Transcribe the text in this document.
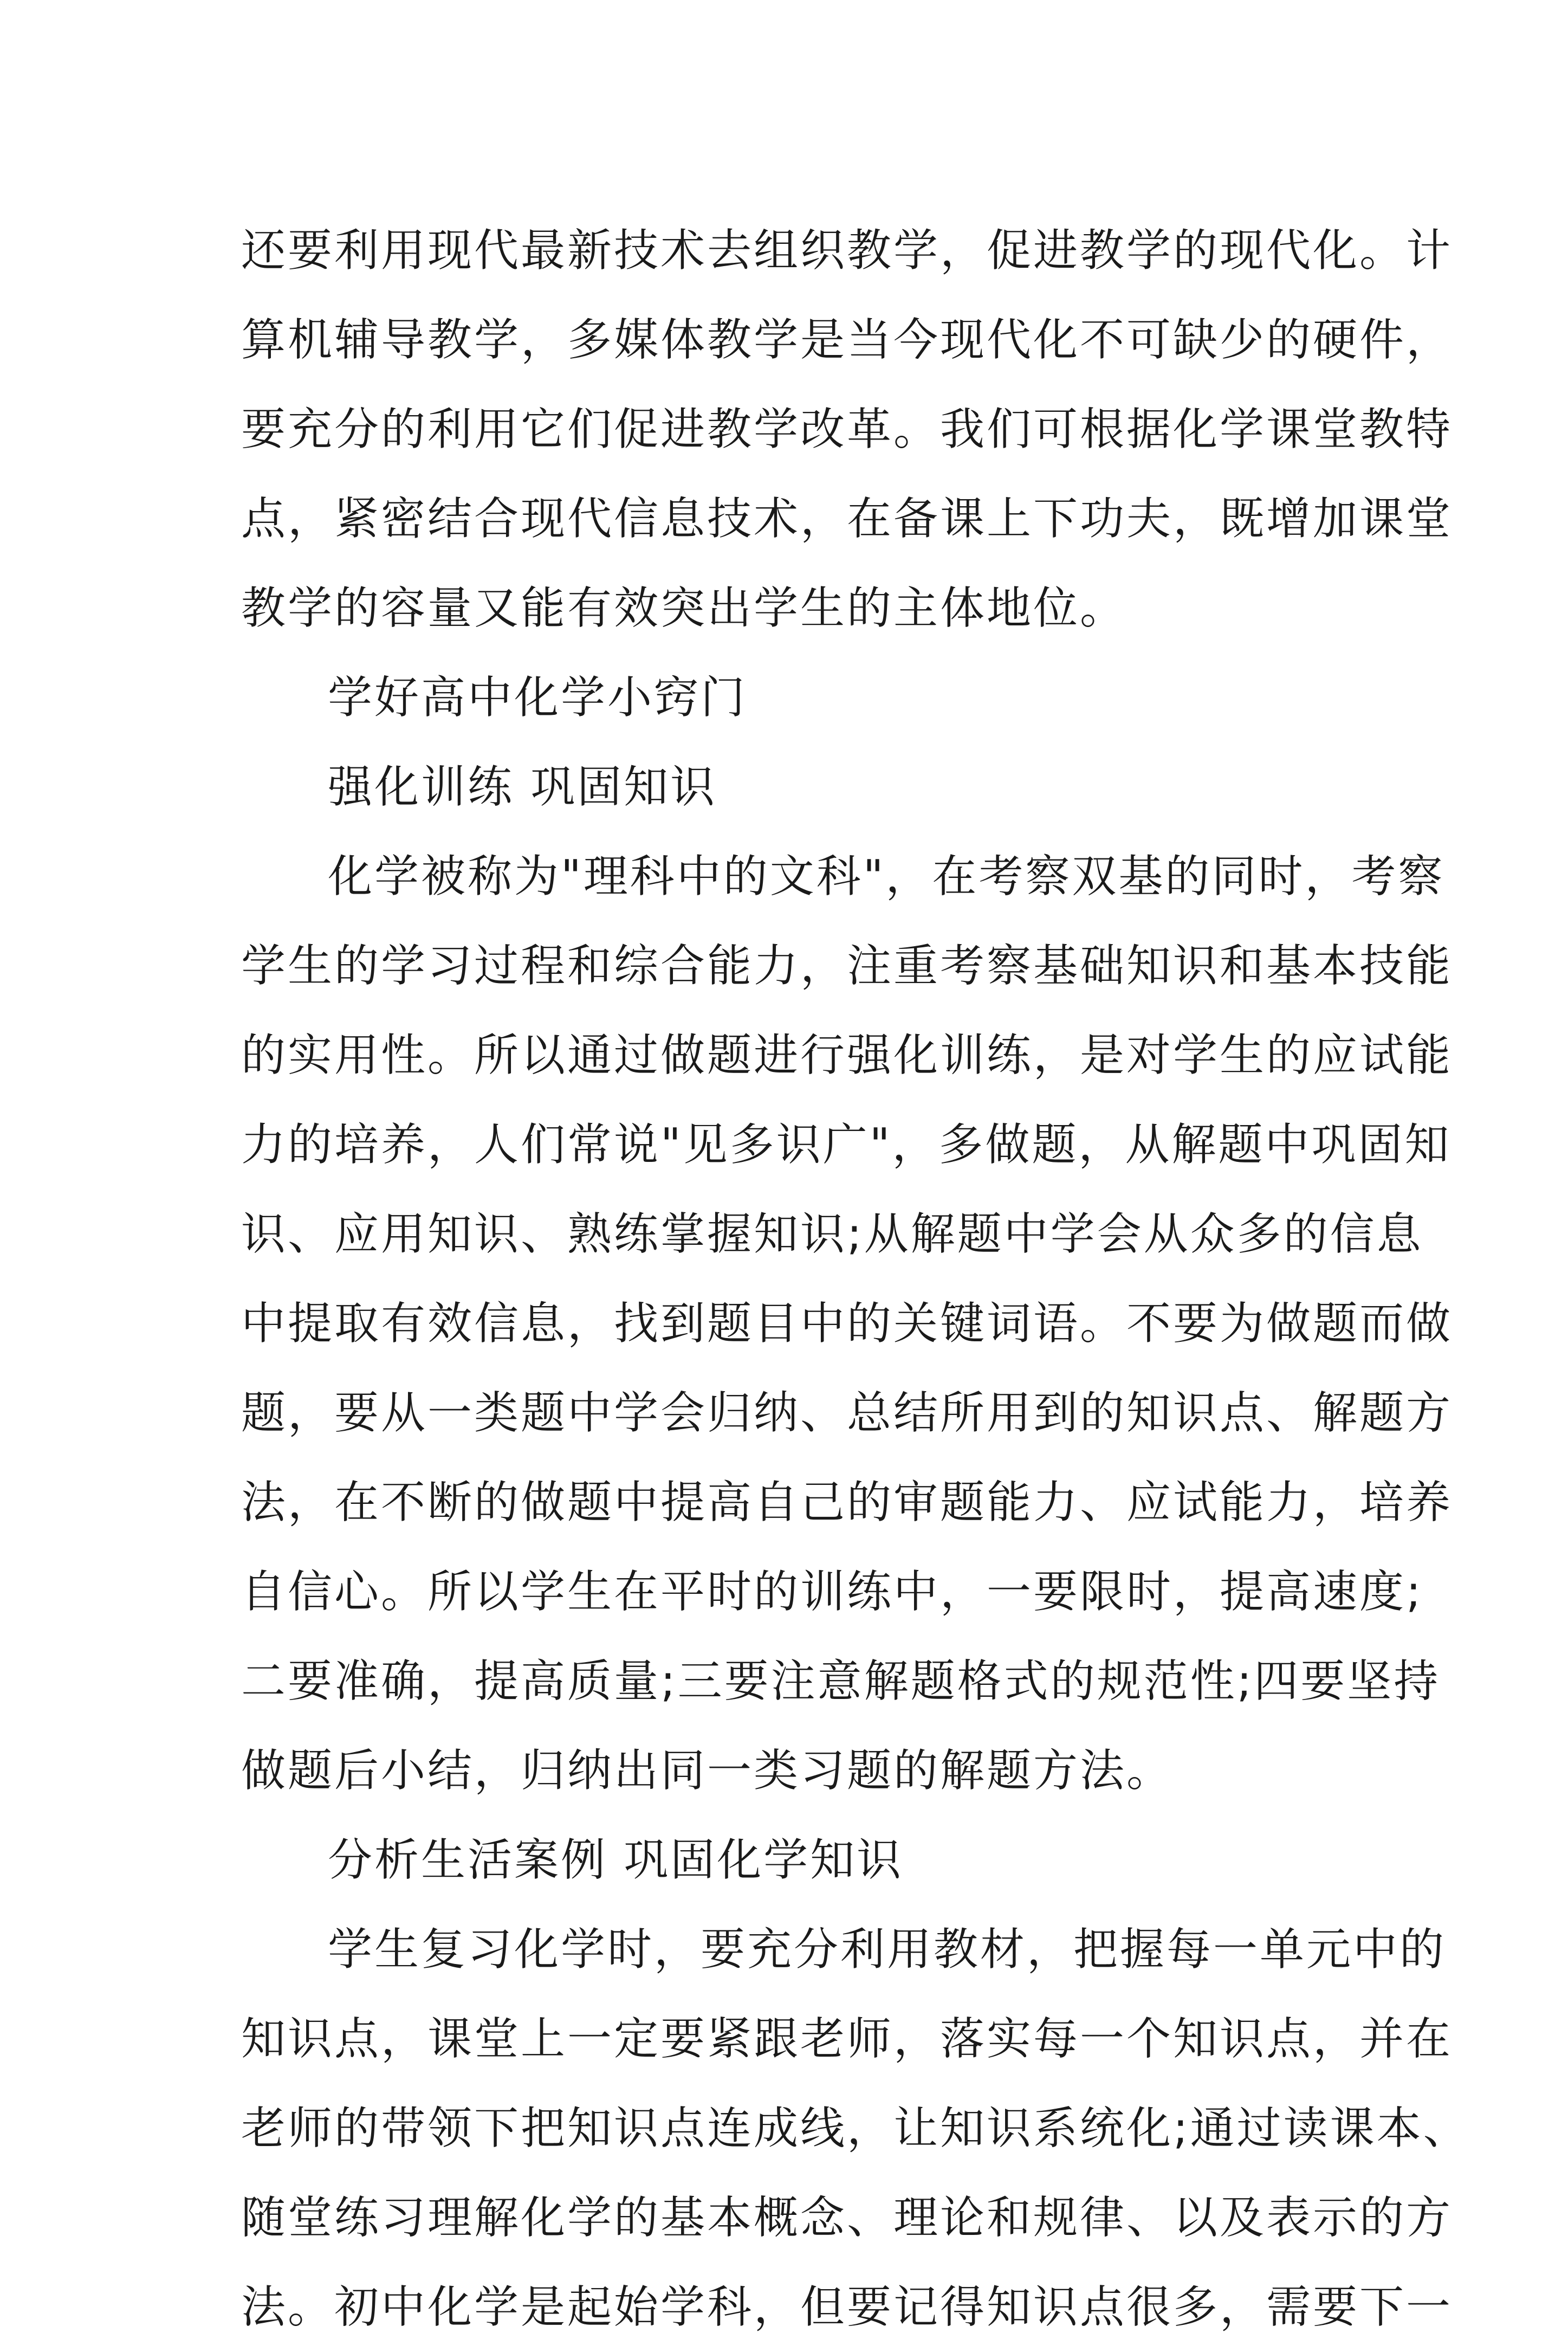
还要利用现代最新技术去组织教学，促进教学的现代化。计

算机辅导教学，多媒体教学是当今现代化不可缺少的硬件，

要充分的利用它们促进教学改革。我们可根据化学课堂教特

点，紧密结合现代信息技术，在备课上下功夫，既增加课堂

教学的容量又能有效突出学生的主体地位。

学好高中化学小窍门

强化训练 巩固知识

化学被称为"理科中的文科"，在考察双基的同时，考察

学生的学习过程和综合能力，注重考察基础知识和基本技能

的实用性。所以通过做题进行强化训练，是对学生的应试能

力的培养，人们常说"见多识广"，多做题，从解题中巩固知

识、应用知识、熟练掌握知识;从解题中学会从众多的信息

中提取有效信息，找到题目中的关键词语。不要为做题而做

题，要从一类题中学会归纳、总结所用到的知识点、解题方

法，在不断的做题中提高自己的审题能力、应试能力，培养

自信心。所以学生在平时的训练中，一要限时，提高速度;

二要准确，提高质量;三要注意解题格式的规范性;四要坚持

做题后小结，归纳出同一类习题的解题方法。

分析生活案例 巩固化学知识

学生复习化学时，要充分利用教材，把握每一单元中的

知识点，课堂上一定要紧跟老师，落实每一个知识点，并在

老师的带领下把知识点连成线，让知识系统化;通过读课本、

随堂练习理解化学的基本概念、理论和规律、以及表示的方

法。初中化学是起始学科，但要记得知识点很多，需要下一
